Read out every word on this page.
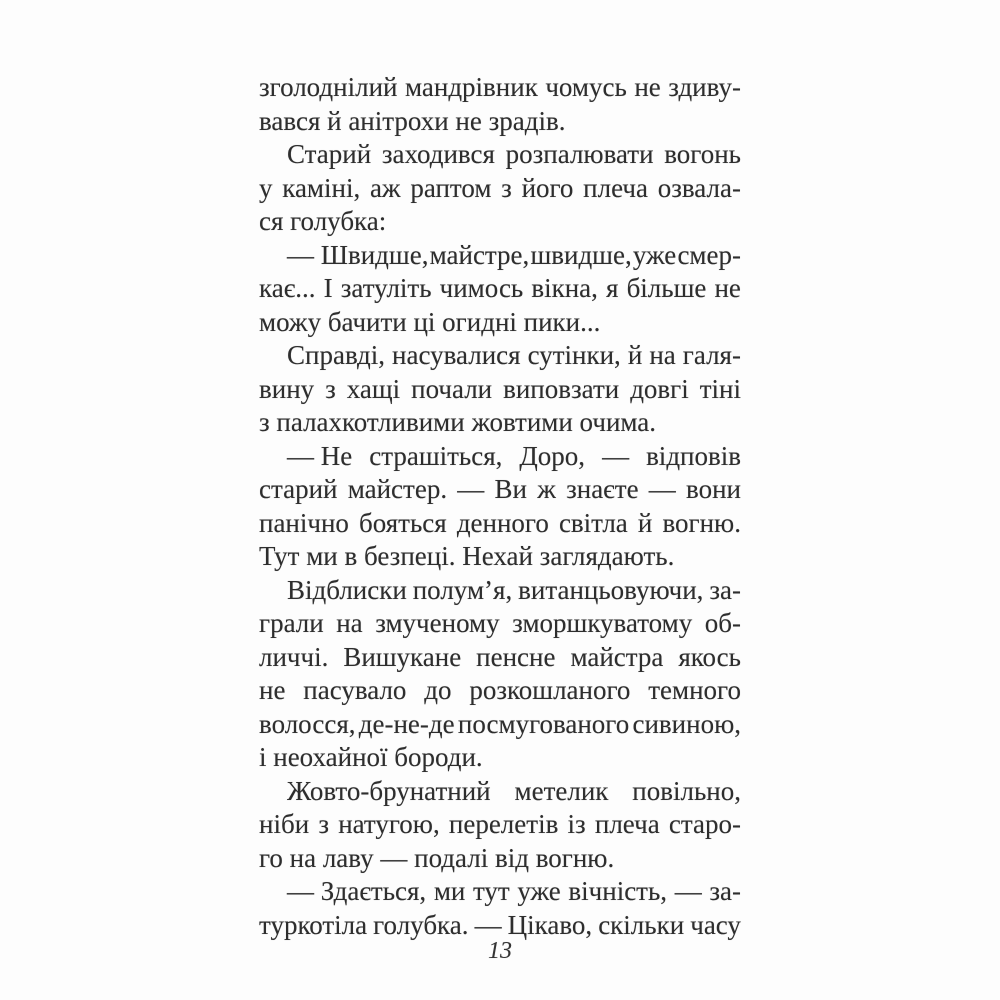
зголоднілий мандрівник чомусь не здиву-
вався й анітрохи не зрадів.
Старий заходився розпалювати вогонь
у каміні, аж раптом з його плеча озвала-
ся голубка:
— Швидше, майстре, швидше, уже смер-
кає... І затуліть чимось вікна, я більше не
можу бачити ці огидні пики...
Справді, насувалися сутінки, й на галя-
вину з хащі почали виповзати довгі тіні
з палахкотливими жовтими очима.
— Не страшіться, Доро, — відповів
старий майстер. — Ви ж знаєте — вони
панічно бояться денного світла й вогню.
Тут ми в безпеці. Нехай заглядають.
Відблиски полум’я, витанцьовуючи, за-
грали на змученому зморшкуватому об-
личчі. Вишукане пенсне майстра якось
не пасувало до розкошланого темного
волосся, де-не-де посмугованого сивиною,
і неохайної бороди.
Жовто-брунатний метелик повільно,
ніби з натугою, перелетів із плеча старо-
го на лаву — подалі від вогню.
— Здається, ми тут уже вічність, — за-
туркотіла голубка. — Цікаво, скільки часу
13
